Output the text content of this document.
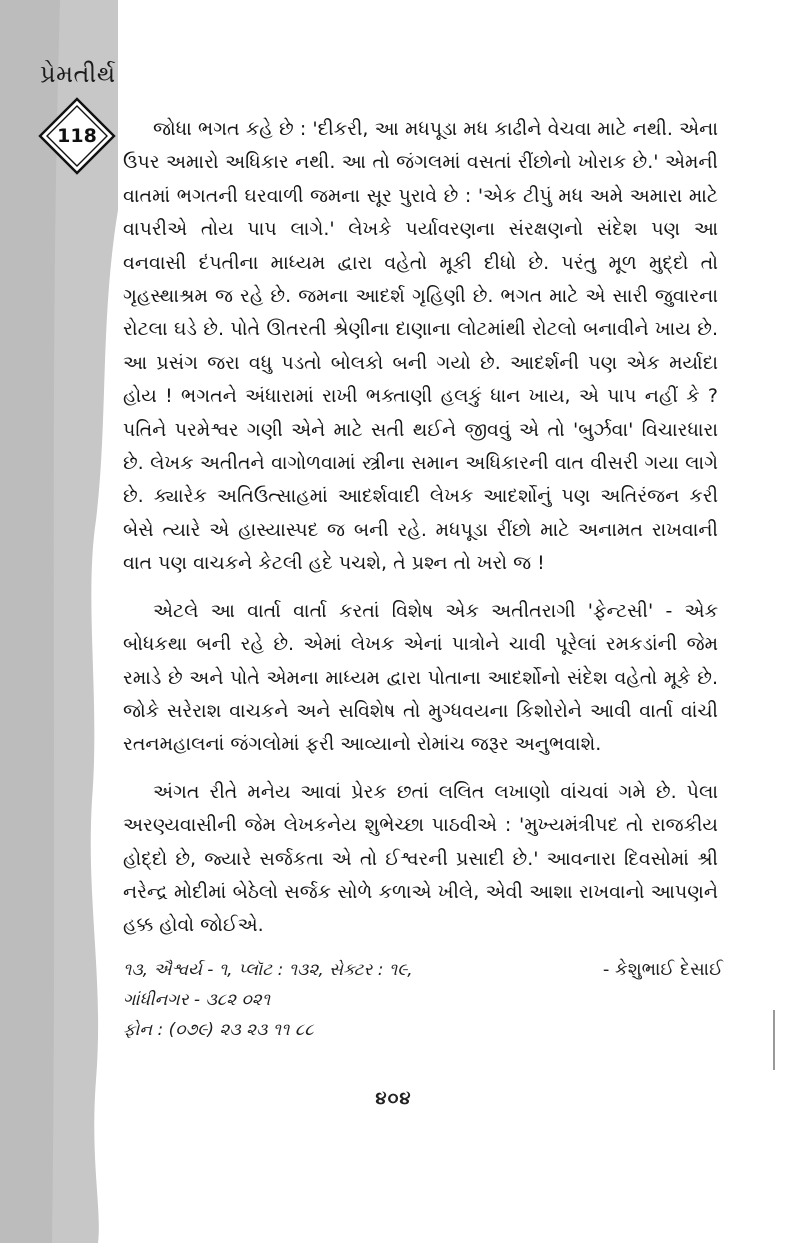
પ્રેમતીર્થ
118	જોધા ભગત કહે છે : 'દીકરી, આ મધપૂડા મધ કાઢીને વેચવા માટે નથી. એના ઉપર અમારો અધિકાર નથી. આ તો જંગલમાં વસતાં રીંછોનો ખોરાક છે.' એમની વાતમાં ભગતની ઘરવાળી જમના સૂર પુરાવે છે : 'એક ટીપું મધ અમે અમારા માટે વાપરીએ તોય પાપ લાગે.' લેખકે પર્યાવરણના સંરક્ષણનો સંદેશ પણ આ વનવાસી દંપતીના માધ્યમ દ્વારા વહેતો મૂકી દીધો છે. પરંતુ મૂળ મુદ્દો તો ગૃહસ્થાશ્રમ જ રહે છે. જમના આદર્શ ગૃહિણી છે. ભગત માટે એ સારી જુવારના રોટલા ઘડે છે. પોતે ઊતરતી શ્રેણીના દાણાના લોટમાંથી રોટલો બનાવીને ખાય છે. આ પ્રસંગ જરા વધુ પડતો બોલકો બની ગયો છે. આદર્શની પણ એક મર્યાદા હોય ! ભગતને અંધારામાં રાખી ભક્તાણી હલકું ધાન ખાય, એ પાપ નહીં કે ? પતિને પરમેશ્વર ગણી એને માટે સતી થઈને જીવવું એ તો 'બુર્ઝવા' વિચારધારા છે. લેખક અતીતને વાગોળવામાં સ્ત્રીના સમાન અધિકારની વાત વીસરી ગયા લાગે છે. ક્યારેક અતિઉત્સાહમાં આદર્શવાદી લેખક આદર્શોનું પણ અતિરંજન કરી બેસે ત્યારે એ હાસ્યાસ્પદ જ બની રહે. મધપૂડા રીંછો માટે અનામત રાખવાની વાત પણ વાચકને કેટલી હદે પચશે, તે પ્રશ્ન તો ખરો જ !

એટલે આ વાર્તા વાર્તા કરતાં વિશેષ એક અતીતરાગી 'ફેન્ટસી' - એક બોધકથા બની રહે છે. એમાં લેખક એનાં પાત્રોને ચાવી પૂરેલાં રમકડાંની જેમ રમાડે છે અને પોતે એમના માધ્યમ દ્વારા પોતાના આદર્શોનો સંદેશ વહેતો મૂકે છે. જોકે સરેરાશ વાચકને અને સવિશેષ તો મુગ્ધવયના કિશોરોને આવી વાર્તા વાંચી રતનમહાલનાં જંગલોમાં ફરી આવ્યાનો રોમાંચ જરૂર અનુભવાશે.

અંગત રીતે મનેય આવાં પ્રેરક છતાં લલિત લખાણો વાંચવાં ગમે છે. પેલા અરણ્યવાસીની જેમ લેખકનેય શુભેચ્છા પાઠવીએ : 'મુખ્યમંત્રીપદ તો રાજકીય હોદ્દો છે, જ્યારે સર્જકતા એ તો ઈશ્વરની પ્રસાદી છે.' આવનારા દિવસોમાં શ્રી નરેન્દ્ર મોદીમાં બેઠેલો સર્જક સોળે કળાએ ખીલે, એવી આશા રાખવાનો આપણને હક્ક હોવો જોઈએ.

૧૩, ઐશ્વર્ય - ૧, પ્લૉટ : ૧૩૨, સેક્ટર : ૧૯,	- કેશુભાઈ દેસાઈ
ગાંધીનગર - ૩૮૨ ૦૨૧
ફોન : (૦૭૯) ૨૩ ૨૩ ૧૧ ૮૮
૪૦૪
